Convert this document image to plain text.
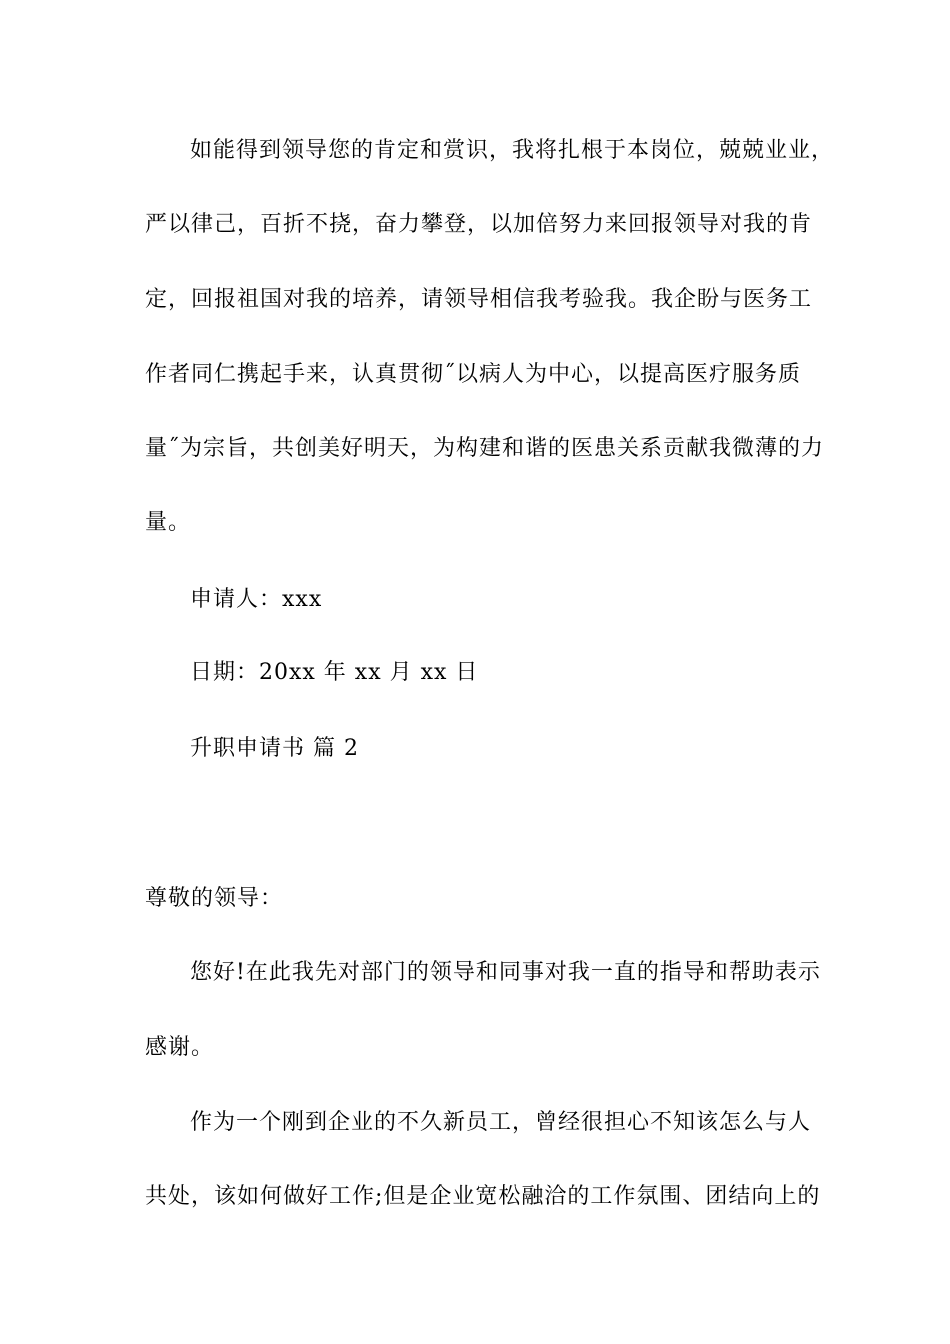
如能得到领导您的肯定和赏识，我将扎根于本岗位，兢兢业业，
严以律己，百折不挠，奋力攀登，以加倍努力来回报领导对我的肯
定，回报祖国对我的培养，请领导相信我考验我。我企盼与医务工
作者同仁携起手来，认真贯彻˝以病人为中心，以提高医疗服务质
量˝为宗旨，共创美好明天，为构建和谐的医患关系贡献我微薄的力
量。
申请人：xxx
日期：20xx 年 xx 月 xx 日
升职申请书 篇 2
尊敬的领导：
您好!在此我先对部门的领导和同事对我一直的指导和帮助表示
感谢。
作为一个刚到企业的不久新员工，曾经很担心不知该怎么与人
共处，该如何做好工作;但是企业宽松融洽的工作氛围、团结向上的
